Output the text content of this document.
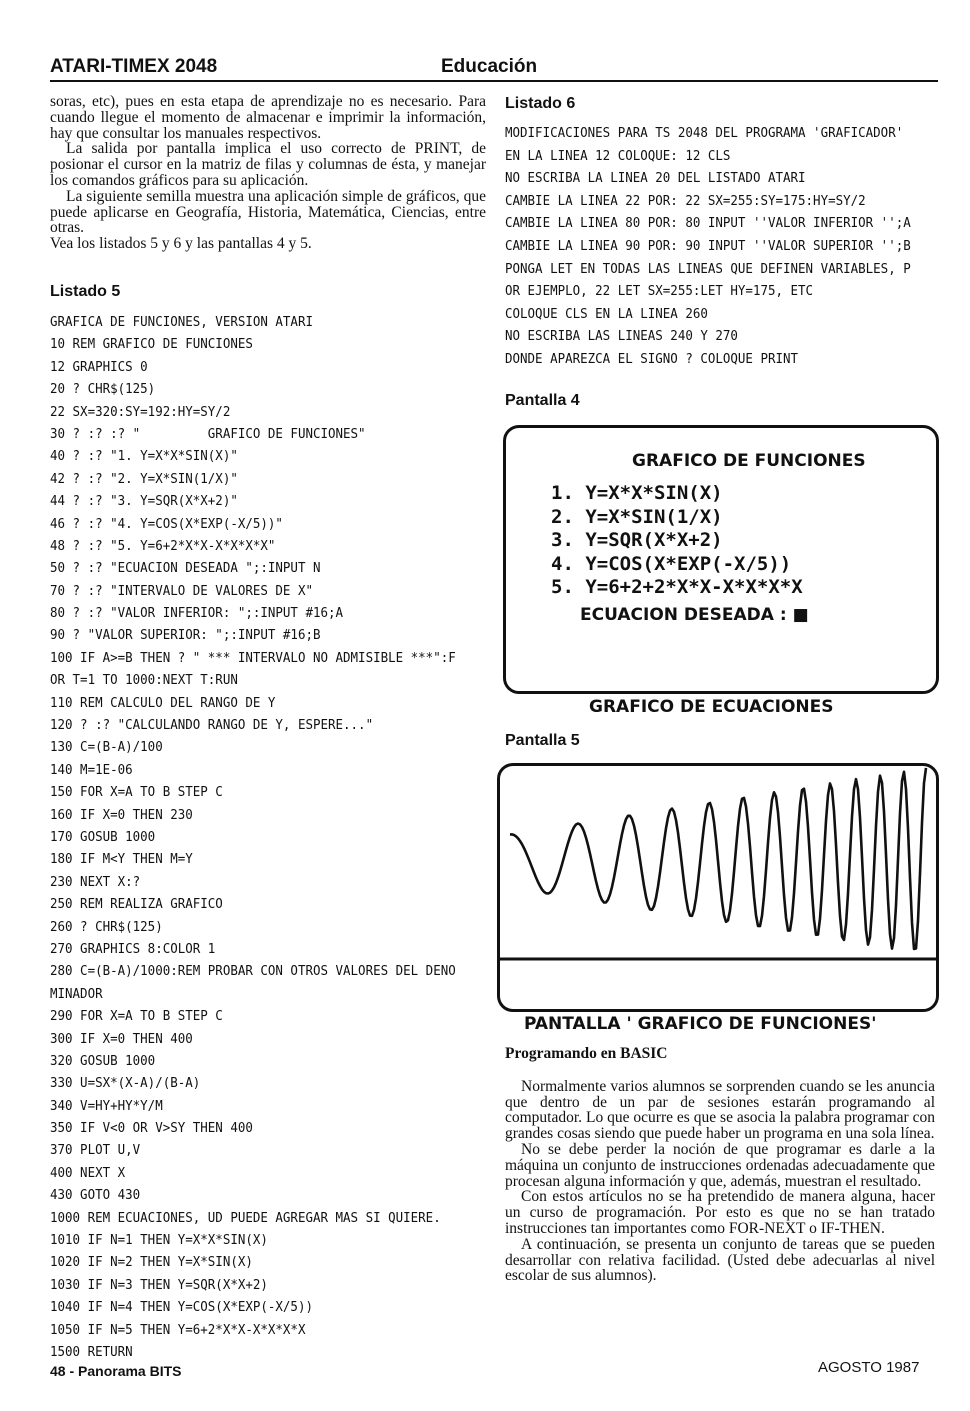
ATARI-TIMEX 2048	Educación

soras, etc), pues en esta etapa de aprendizaje no es necesario. Para cuando llegue el momento de almacenar e imprimir la información, hay que consultar los manuales respectivos.

La salida por pantalla implica el uso correcto de PRINT, de posionar el cursor en la matriz de filas y columnas de ésta, y manejar los comandos gráficos para su aplicación.

La siguiente semilla muestra una aplicación simple de gráficos, que puede aplicarse en Geografía, Historia, Matemática, Ciencias, entre otras.

Vea los listados 5 y 6 y las pantallas 4 y 5.

Listado 5

GRAFICA DE FUNCIONES, VERSION ATARI
10 REM GRAFICO DE FUNCIONES
12 GRAPHICS 0
20 ? CHR$(125)
22 SX=320:SY=192:HY=SY/2
30 ? :? :? "         GRAFICO DE FUNCIONES"
40 ? :? "1. Y=X*X*SIN(X)"
42 ? :? "2. Y=X*SIN(1/X)"
44 ? :? "3. Y=SQR(X*X+2)"
46 ? :? "4. Y=COS(X*EXP(-X/5))"
48 ? :? "5. Y=6+2*X*X-X*X*X*X"
50 ? :? "ECUACION DESEADA ";:INPUT N
70 ? :? "INTERVALO DE VALORES DE X"
80 ? :? "VALOR INFERIOR: ";:INPUT #16;A
90 ? "VALOR SUPERIOR: ";:INPUT #16;B
100 IF A>=B THEN ? " *** INTERVALO NO ADMISIBLE ***":F
OR T=1 TO 1000:NEXT T:RUN
110 REM CALCULO DEL RANGO DE Y
120 ? :? "CALCULANDO RANGO DE Y, ESPERE..."
130 C=(B-A)/100
140 M=1E-06
150 FOR X=A TO B STEP C
160 IF X=0 THEN 230
170 GOSUB 1000
180 IF M<Y THEN M=Y
230 NEXT X:?
250 REM REALIZA GRAFICO
260 ? CHR$(125)
270 GRAPHICS 8:COLOR 1
280 C=(B-A)/1000:REM PROBAR CON OTROS VALORES DEL DENO
MINADOR
290 FOR X=A TO B STEP C
300 IF X=0 THEN 400
320 GOSUB 1000
330 U=SX*(X-A)/(B-A)
340 V=HY+HY*Y/M
350 IF V<0 OR V>SY THEN 400
370 PLOT U,V
400 NEXT X
430 GOTO 430
1000 REM ECUACIONES, UD PUEDE AGREGAR MAS SI QUIERE.
1010 IF N=1 THEN Y=X*X*SIN(X)
1020 IF N=2 THEN Y=X*SIN(X)
1030 IF N=3 THEN Y=SQR(X*X+2)
1040 IF N=4 THEN Y=COS(X*EXP(-X/5))
1050 IF N=5 THEN Y=6+2*X*X-X*X*X*X
1500 RETURN

Listado 6

MODIFICACIONES PARA TS 2048 DEL PROGRAMA 'GRAFICADOR'
EN LA LINEA 12 COLOQUE: 12 CLS
NO ESCRIBA LA LINEA 20 DEL LISTADO ATARI
CAMBIE LA LINEA 22 POR: 22 SX=255:SY=175:HY=SY/2
CAMBIE LA LINEA 80 POR: 80 INPUT ''VALOR INFERIOR '';A
CAMBIE LA LINEA 90 POR: 90 INPUT ''VALOR SUPERIOR '';B
PONGA LET EN TODAS LAS LINEAS QUE DEFINEN VARIABLES, P
OR EJEMPLO, 22 LET SX=255:LET HY=175, ETC
COLOQUE CLS EN LA LINEA 260
NO ESCRIBA LAS LINEAS 240 Y 270
DONDE APAREZCA EL SIGNO ? COLOQUE PRINT

Pantalla 4

GRAFICO DE FUNCIONES
1. Y=X*X*SIN(X)
2. Y=X*SIN(1/X)
3. Y=SQR(X*X+2)
4. Y=COS(X*EXP(-X/5))
5. Y=6+2+2*X*X-X*X*X*X
ECUACION DESEADA : ■
GRAFICO DE ECUACIONES

Pantalla 5

PANTALLA ' GRAFICO DE FUNCIONES'

Programando en BASIC

Normalmente varios alumnos se sorprenden cuando se les anuncia que dentro de un par de sesiones estarán programando al computador. Lo que ocurre es que se asocia la palabra programar con grandes cosas siendo que puede haber un programa en una sola línea.

No se debe perder la noción de que programar es darle a la máquina un conjunto de instrucciones ordenadas adecuadamente que procesan alguna información y que, además, muestran el resultado.

Con estos artículos no se ha pretendido de manera alguna, hacer un curso de programación. Por esto es que no se han tratado instrucciones tan importantes como FOR-NEXT o IF-THEN.

A continuación, se presenta un conjunto de tareas que se pueden desarrollar con relativa facilidad. (Usted debe adecuarlas al nivel escolar de sus alumnos).

48 - Panorama BITS	AGOSTO 1987
